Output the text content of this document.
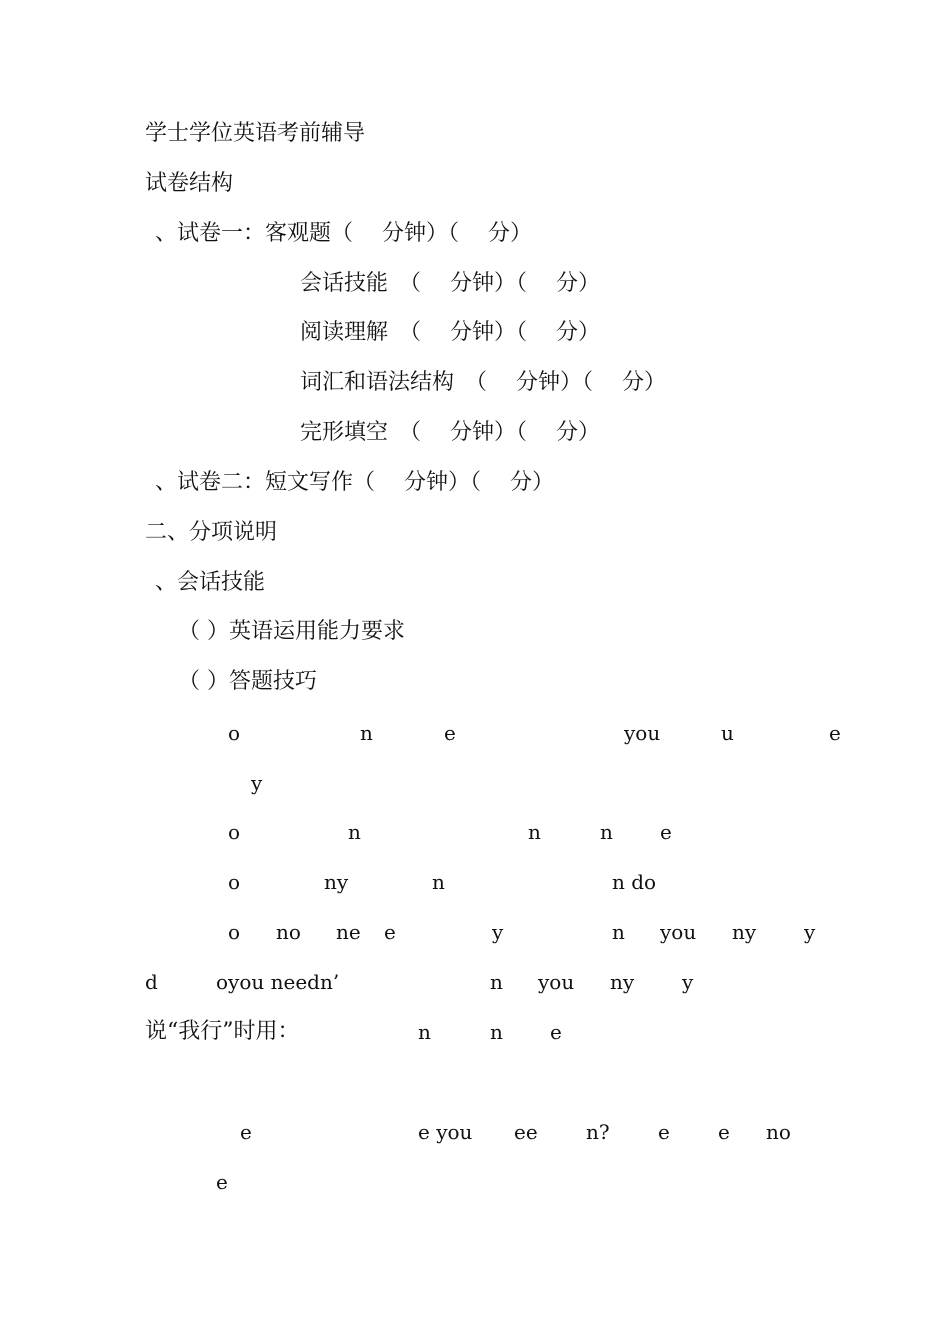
学士学位英语考前辅导
试卷结构
、试卷一：客观题（　 分钟）（　 分）
会话技能　（　 分钟）（　 分）
阅读理解　（　 分钟）（　 分）
词汇和语法结构　（　 分钟）（　 分）
完形填空　（　 分钟）（　 分）
、试卷二：短文写作（　 分钟）（　 分）
二、分项说明
、会话技能
（ ）英语运用能力要求
（ ）答题技巧
o	n	e	you	u	e
y
o	n	n	n e
o	ny	n	n do
o no ne e	y	n you ny y
d	oyou needn’	n you ny y
说“我行”时用：	n	n e
e	e you ee n? e e no
e
